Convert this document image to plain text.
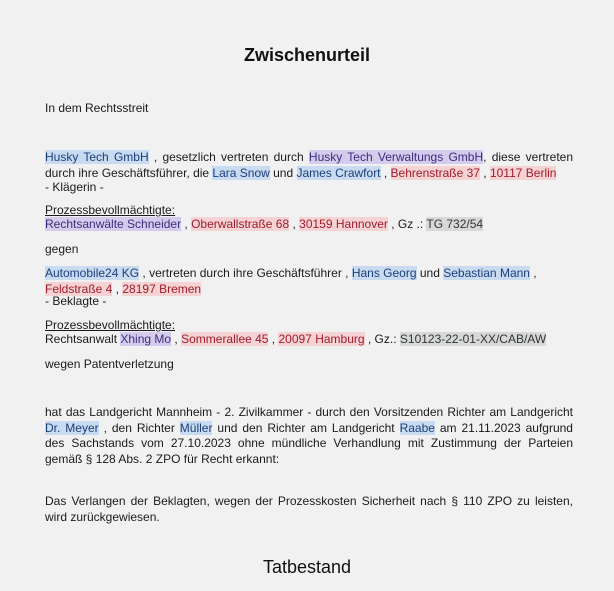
Zwischenurteil
In dem Rechtsstreit
Husky Tech GmbH , gesetzlich vertreten durch Husky Tech Verwaltungs GmbH, diese vertreten durch ihre Geschäftsführer, die Lara Snow und James Crawfort , Behrenstraße 37 , 10117 Berlin
- Klägerin -
Prozessbevollmächtigte:
Rechtsanwälte Schneider , Oberwallstraße 68 , 30159 Hannover , Gz .: TG 732/54
gegen
Automobile24 KG , vertreten durch ihre Geschäftsführer , Hans Georg und Sebastian Mann ,
Feldstraße 4 , 28197 Bremen
- Beklagte -
Prozessbevollmächtigte:
Rechtsanwalt Xhing Mo , Sommerallee 45 , 20097 Hamburg , Gz.: S10123-22-01-XX/CAB/AW
wegen Patentverletzung
hat das Landgericht Mannheim - 2. Zivilkammer - durch den Vorsitzenden Richter am Landgericht Dr. Meyer , den Richter Müller und den Richter am Landgericht Raabe am 21.11.2023 aufgrund des Sachstands vom 27.10.2023 ohne mündliche Verhandlung mit Zustimmung der Parteien gemäß § 128 Abs. 2 ZPO für Recht erkannt:
Das Verlangen der Beklagten, wegen der Prozesskosten Sicherheit nach § 110 ZPO zu leisten, wird zurückgewiesen.
Tatbestand
